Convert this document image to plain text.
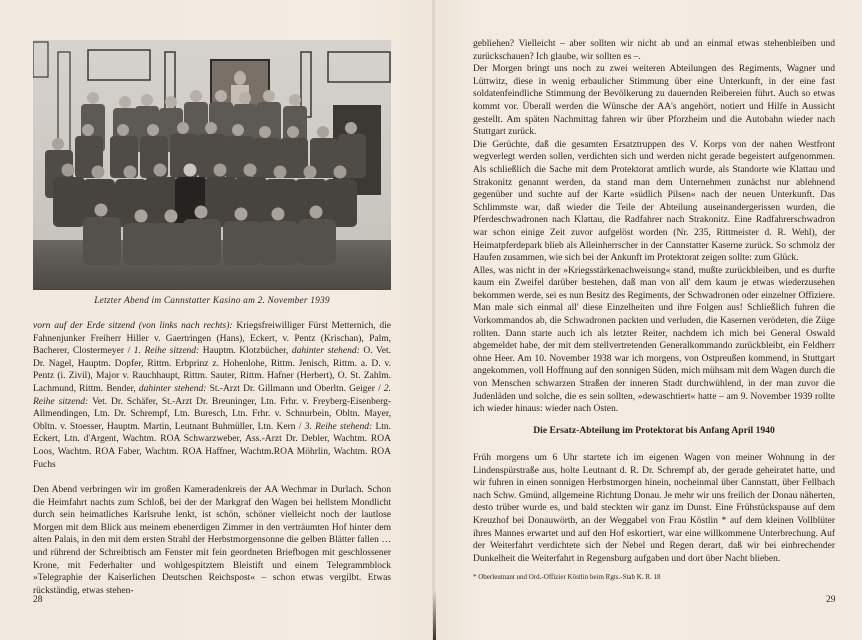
Letzter Abend im Cannstatter Kasino am 2. November 1939

vorn auf der Erde sitzend (von links nach rechts): Kriegsfreiwilliger Fürst Metternich, die Fahnenjunker Freiherr Hiller v. Gaertringen (Hans), Eckert, v. Pentz (Krischan), Palm, Bacherer, Clostermeyer / 1. Reihe sitzend: Hauptm. Klotzbücher, dahinter stehend: O. Vet. Dr. Nagel, Hauptm. Dopfer, Rittm. Erbprinz z. Hohenlohe, Rittm. Jenisch, Rittm. a. D. v. Pentz (i. Zivil), Major v. Rauchhaupt, Rittm. Sauter, Rittm. Hafner (Herbert), O. St. Zahlm. Lachmund, Rittm. Bender, dahinter stehend: St.-Arzt Dr. Gillmann und Oberltn. Geiger / 2. Reihe sitzend: Vet. Dr. Schäfer, St.-Arzt Dr. Breuninger, Ltn. Frhr. v. Freyberg-Eisenberg-Allmendingen, Ltn. Dr. Schrempf, Ltn. Buresch, Ltn. Frhr. v. Schnurbein, Obltn. Mayer, Obltn. v. Stoesser, Hauptm. Martin, Leutnant Buhmüller, Ltn. Kern / 3. Reihe stehend: Ltn. Eckert, Ltn. d'Argent, Wachtm. ROA Schwarzweber, Ass.-Arzt Dr. Debler, Wachtm. ROA Loos, Wachtm. ROA Faber, Wachtm. ROA Haffner, Wachtm.ROA Möhrlin, Wachtm. ROA Fuchs

Den Abend verbringen wir im großen Kameradenkreis der AA Wechmar in Durlach. Schon die Heimfahrt nachts zum Schloß, bei der der Markgraf den Wagen bei hellstem Mondlicht durch sein heimatliches Karlsruhe lenkt, ist schön, schöner vielleicht noch der lautlose Morgen mit dem Blick aus meinem ebenerdigen Zimmer in den verträumten Hof hinter dem alten Palais, in den mit dem ersten Strahl der Herbstmorgensonne die gelben Blätter fallen … und rührend der Schreibtisch am Fenster mit fein geordneten Briefbogen mit geschlossener Krone, mit Federhalter und wohlgespitztem Bleistift und einem Telegrammblock »Telegraphie der Kaiserlichen Deutschen Reichspost« – schon etwas vergilbt. Etwas rückständig, etwas stehen-

28

gebliehen? Vielleicht – aber sollten wir nicht ab und an einmal etwas stehenbleiben und zurückschauen? Ich glaube, wir sollten es –.

Der Morgen bringt uns noch zu zwei weiteren Abteilungen des Regiments, Wagner und Lüttwitz, diese in wenig erbaulicher Stimmung über eine Unterkunft, in der eine fast soldatenfeindliche Stimmung der Bevölkerung zu dauernden Reibereien führt. Auch so etwas kommt vor. Überall werden die Wünsche der AA's angehört, notiert und Hilfe in Aussicht gestellt. Am späten Nachmittag fahren wir über Pforzheim und die Autobahn wieder nach Stuttgart zurück.

Die Gerüchte, daß die gesamten Ersatztruppen des V. Korps von der nahen Westfront wegverlegt werden sollen, verdichten sich und werden nicht gerade begeistert aufgenommen. Als schließlich die Sache mit dem Protektorat amtlich wurde, als Standorte wie Klattau und Strakonitz genannt werden, da stand man dem Unternehmen zunächst nur ablehnend gegenüber und suchte auf der Karte »südlich Pilsen« nach der neuen Unterkunft. Das Schlimmste war, daß wieder die Teile der Abteilung auseinandergerissen wurden, die Pferdeschwadronen nach Klattau, die Radfahrer nach Strakonitz. Eine Radfahrerschwadron war schon einige Zeit zuvor aufgelöst worden (Nr. 235, Rittmeister d. R. Wehl), der Heimatpferdepark blieb als Alleinherrscher in der Cannstatter Kaserne zurück. So schmolz der Haufen zusammen, wie sich bei der Ankunft im Protektorat zeigen sollte: zum Glück.

Alles, was nicht in der »Kriegsstärkenachweisung« stand, mußte zurückbleiben, und es durfte kaum ein Zweifel darüber bestehen, daß man von all' dem kaum je etwas wiederzusehen bekommen werde, sei es nun Besitz des Regiments, der Schwadronen oder einzelner Offiziere. Man male sich einmal all' diese Einzelheiten und ihre Folgen aus! Schließlich fuhren die Vorkommandos ab, die Schwadronen packten und verluden, die Kasernen verödeten, die Züge rollten. Dann starte auch ich als letzter Reiter, nachdem ich mich bei General Oswald abgemeldet habe, der mit dem stellvertretenden Generalkommando zurückbleibt, ein Feldherr ohne Heer. Am 10. November 1938 war ich morgens, von Ostpreußen kommend, in Stuttgart angekommen, voll Hoffnung auf den sonnigen Süden, mich mühsam mit dem Wagen durch die von Menschen schwarzen Straßen der inneren Stadt durchwühlend, in der man zuvor die Judenläden und solche, die es sein sollten, »dewaschtiert« hatte – am 9. November 1939 rollte ich wieder hinaus: wieder nach Osten.

Die Ersatz-Abteilung im Protektorat bis Anfang April 1940

Früh morgens um 6 Uhr startete ich im eigenen Wagen von meiner Wohnung in der Lindenspürstraße aus, holte Leutnant d. R. Dr. Schrempf ab, der gerade geheiratet hatte, und wir fuhren in einen sonnigen Herbstmorgen hinein, nocheinmal über Cannstatt, über Fellbach nach Schw. Gmünd, allgemeine Richtung Donau. Je mehr wir uns freilich der Donau näherten, desto trüber wurde es, und bald steckten wir ganz im Dunst. Eine Frühstückspause auf dem Kreuzhof bei Donauwörth, an der Weggabel von Frau Köstlin * auf dem kleinen Vollblüter ihres Mannes erwartet und auf den Hof eskortiert, war eine willkommene Unterbrechung. Auf der Weiterfahrt verdichtete sich der Nebel und Regen derart, daß wir bei einbrechender Dunkelheit die Weiterfahrt in Regensburg aufgaben und dort über Nacht blieben.

* Oberleutnant und Ord.-Offizier Köstlin beim Rgts.-Stab K. R. 18
29
